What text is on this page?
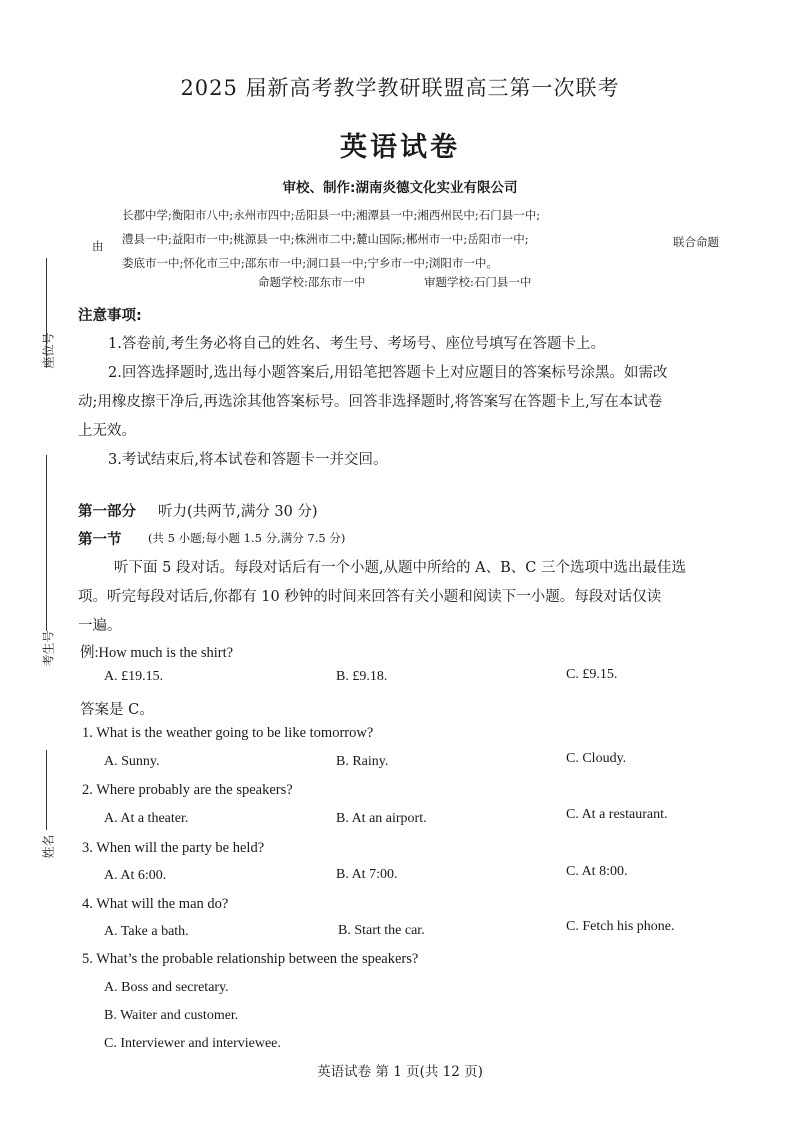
2025 届新高考教学教研联盟高三第一次联考
英语试卷
审校、制作:湖南炎德文化实业有限公司
由
长郡中学;衡阳市八中;永州市四中;岳阳县一中;湘潭县一中;湘西州民中;石门县一中;
澧县一中;益阳市一中;桃源县一中;株洲市二中;麓山国际;郴州市一中;岳阳市一中;
娄底市一中;怀化市三中;邵东市一中;洞口县一中;宁乡市一中;浏阳市一中。
联合命题
命题学校:邵东市一中	审题学校:石门县一中
座位号
考生号
姓名
注意事项:
1.答卷前,考生务必将自己的姓名、考生号、考场号、座位号填写在答题卡上。
2.回答选择题时,选出每小题答案后,用铅笔把答题卡上对应题目的答案标号涂黑。如需改
动;用橡皮擦干净后,再选涂其他答案标号。回答非选择题时,将答案写在答题卡上,写在本试卷
上无效。
3.考试结束后,将本试卷和答题卡一并交回。
第一部分 听力(共两节,满分 30 分)
第一节 (共 5 小题;每小题 1.5 分,满分 7.5 分)
听下面 5 段对话。每段对话后有一个小题,从题中所给的 A、B、C 三个选项中选出最佳选
项。听完每段对话后,你都有 10 秒钟的时间来回答有关小题和阅读下一小题。每段对话仅读
一遍。
例:How much is the shirt?
A. £19.15.	B. £9.18.	C. £9.15.
答案是 C。
1. What is the weather going to be like tomorrow?
A. Sunny.	B. Rainy.	C. Cloudy.
2. Where probably are the speakers?
A. At a theater.	B. At an airport.	C. At a restaurant.
3. When will the party be held?
A. At 6:00.	B. At 7:00.	C. At 8:00.
4. What will the man do?
A. Take a bath.	B. Start the car.	C. Fetch his phone.
5. What’s the probable relationship between the speakers?
A. Boss and secretary.
B. Waiter and customer.
C. Interviewer and interviewee.
英语试卷 第 1 页(共 12 页)
